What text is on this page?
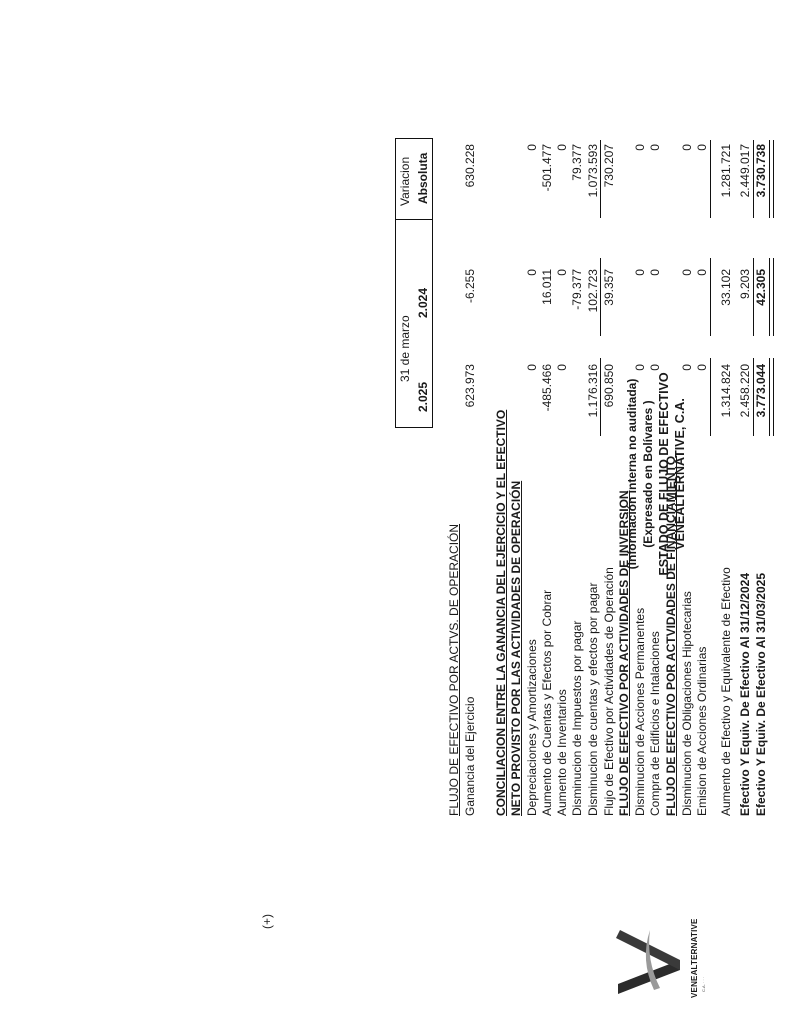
VENEALTERNATIVE C.A. · · ·
VENEALTERNATIVE, C.A.
ESTADO DE FLUJO DE EFECTIVO
(Expresado en Bolívares )
(Información interna no auditada)
31 de marzo
2.025
2.024
Variacion Absoluta
(+)
FLUJO DE EFECTIVO POR ACTVS. DE OPERACIÓN Ganancia del Ejercicio
623.973
-6.255
630.228
CONCILIACION ENTRE LA GANANCIA DEL EJERCICIO Y EL EFECTIVO NETO PROVISTO POR LAS ACTIVIDADES DE OPERACIÓN Depreciaciones y Amortizaciones
0
0
0
Aumento de Cuentas y Efectos por Cobrar
-485.466
16.011
-501.477
Aumento de Inventarios
0
0
0
Disminucion de Impuestos por pagar
-79.377
79.377
Disminucion de cuentas y efectos por pagar
1.176.316
102.723
1.073.593
Flujo de Efectivo por Actividades de Operación
690.850
39.357
730.207
FLUJO DE EFECTIVO POR ACTIVIDADES DE INVERSION Disminucion de Acciones Permanentes
0
0
0
Compra de Edificios e Intalaciones
0
0
0
FLUJO DE EFECTIVO POR ACTVIDADES DE FINANCIAMIENTO Disminucion de Obligaciones Hipotecarias
0
0
0
Emision de Acciones Ordinarias
0
0
0
Aumento de Efectivo y Equivalente de Efectivo
1.314.824
33.102
1.281.721
Efectivo Y Equiv. De Efectivo Al 31/12/2024
2.458.220
9.203
2.449.017
Efectivo Y Equiv. De Efectivo Al 31/03/2025
3.773.044
42.305
3.730.738
